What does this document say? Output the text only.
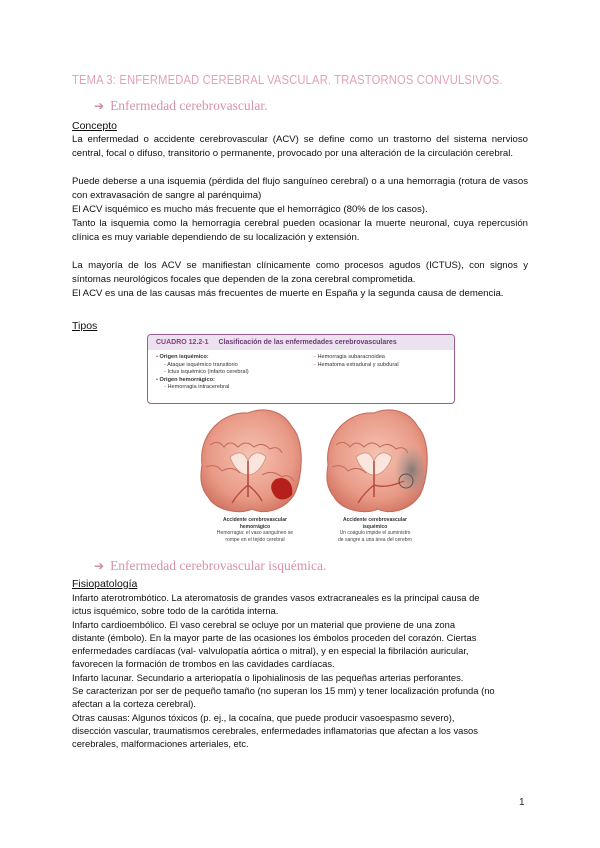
TEMA 3: ENFERMEDAD CEREBRAL VASCULAR. TRASTORNOS CONVULSIVOS.
➔ Enfermedad cerebrovascular.
Concepto

La enfermedad o accidente cerebrovascular (ACV) se define como un trastorno del sistema nervioso central, focal o difuso, transitorio o permanente, provocado por una alteración de la circulación cerebral.

Puede deberse a una isquemia (pérdida del flujo sanguíneo cerebral) o a una hemorragia (rotura de vasos con extravasación de sangre al parénquima)

El ACV isquémico es mucho más frecuente que el hemorrágico (80% de los casos).

Tanto la isquemia como la hemorragia cerebral pueden ocasionar la muerte neuronal, cuya repercusión clínica es muy variable dependiendo de su localización y extensión.

La mayoría de los ACV se manifiestan clínicamente como procesos agudos (ICTUS), con signos y síntomas neurológicos focales que dependen de la zona cerebral comprometida.

El ACV es una de las causas más frecuentes de muerte en España y la segunda causa de demencia.

Tipos
CUADRO 12.2-1 Clasificación de las enfermedades cerebrovasculares
• Origen isquémico:
- Ataque isquémico transitorio
- Ictus isquémico (infarto cerebral)
• Origen hemorrágico:
- Hemorragia intracerebral
- Hemorragia subaracnoidea
- Hematoma extradural y subdural
Accidente cerebrovascular
hemorrágico
Hemorragia: el vaso sanguíneo se
rompe en el tejido cerebral
Accidente cerebrovascular
isquémico
Un coágulo impide el suministro
de sangre a una área del cerebro
➔ Enfermedad cerebrovascular isquémica.
Fisiopatología
Infarto aterotrombótico. La ateromatosis de grandes vasos extracraneales es la principal causa de
ictus isquémico, sobre todo de la carótida interna.
Infarto cardioembólico. El vaso cerebral se ocluye por un material que proviene de una zona
distante (émbolo). En la mayor parte de las ocasiones los émbolos proceden del corazón. Ciertas
enfermedades cardíacas (val- valvulopatía aórtica o mitral), y en especial la fibrilación auricular,
favorecen la formación de trombos en las cavidades cardíacas.
Infarto lacunar. Secundario a arteriopatía o lipohialinosis de las pequeñas arterias perforantes.
Se caracterizan por ser de pequeño tamaño (no superan los 15 mm) y tener localización profunda (no
afectan a la corteza cerebral).
Otras causas: Algunos tóxicos (p. ej., la cocaína, que puede producir vasoespasmo severo),
disección vascular, traumatismos cerebrales, enfermedades inflamatorias que afectan a los vasos
cerebrales, malformaciones arteriales, etc.
1
